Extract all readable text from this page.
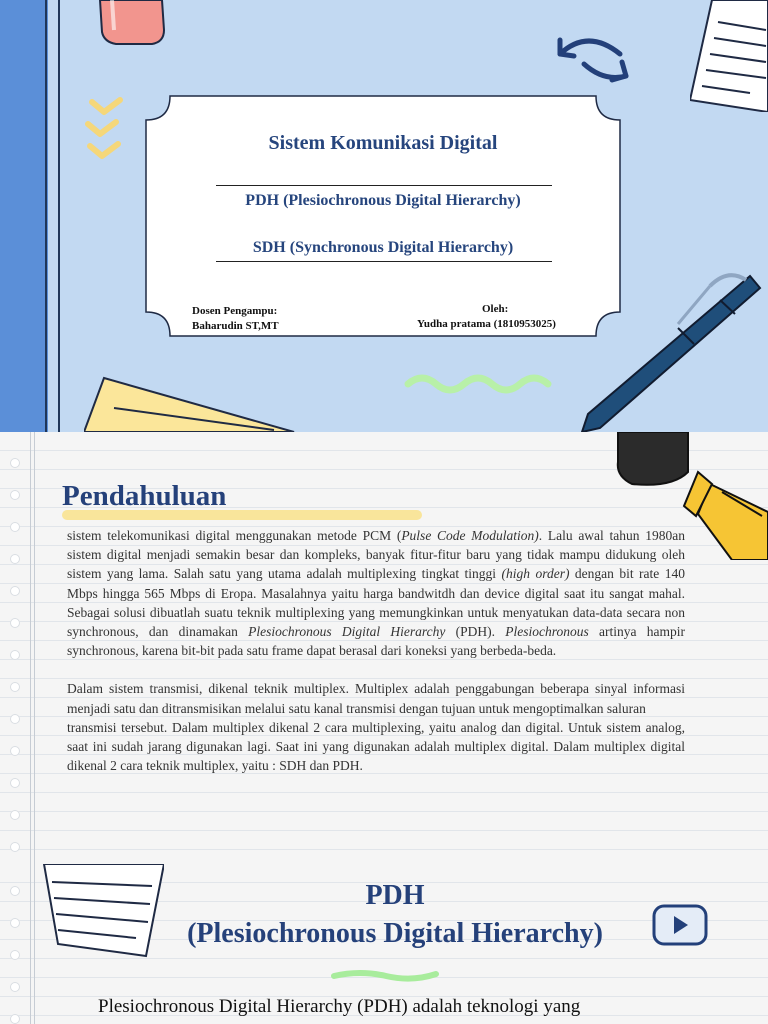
Sistem Komunikasi Digital
PDH (Plesiochronous Digital Hierarchy)
SDH (Synchronous Digital Hierarchy)
Dosen Pengampu:
Baharudin ST,MT
Oleh:
Yudha pratama (1810953025)
Pendahuluan

sistem telekomunikasi digital menggunakan metode PCM (Pulse Code Modulation). Lalu awal tahun 1980an sistem digital menjadi semakin besar dan kompleks, banyak fitur-fitur baru yang tidak mampu didukung oleh sistem yang lama. Salah satu yang utama adalah multiplexing tingkat tinggi (high order) dengan bit rate 140 Mbps hingga 565 Mbps di Eropa. Masalahnya yaitu harga bandwitdh dan device digital saat itu sangat mahal. Sebagai solusi dibuatlah suatu teknik multiplexing yang memungkinkan untuk menyatukan data-data secara non synchronous, dan dinamakan Plesiochronous Digital Hierarchy (PDH). Plesiochronous artinya hampir synchronous, karena bit-bit pada satu frame dapat berasal dari koneksi yang berbeda-beda.

Dalam sistem transmisi, dikenal teknik multiplex. Multiplex adalah penggabungan beberapa sinyal informasi menjadi satu dan ditransmisikan melalui satu kanal transmisi dengan tujuan untuk mengoptimalkan saluran
transmisi tersebut. Dalam multiplex dikenal 2 cara multiplexing, yaitu analog dan digital. Untuk sistem analog, saat ini sudah jarang digunakan lagi. Saat ini yang digunakan adalah multiplex digital. Dalam multiplex digital dikenal 2 cara teknik multiplex, yaitu : SDH dan PDH.

PDH
(Plesiochronous Digital Hierarchy)
Plesiochronous Digital Hierarchy (PDH) adalah teknologi yang
